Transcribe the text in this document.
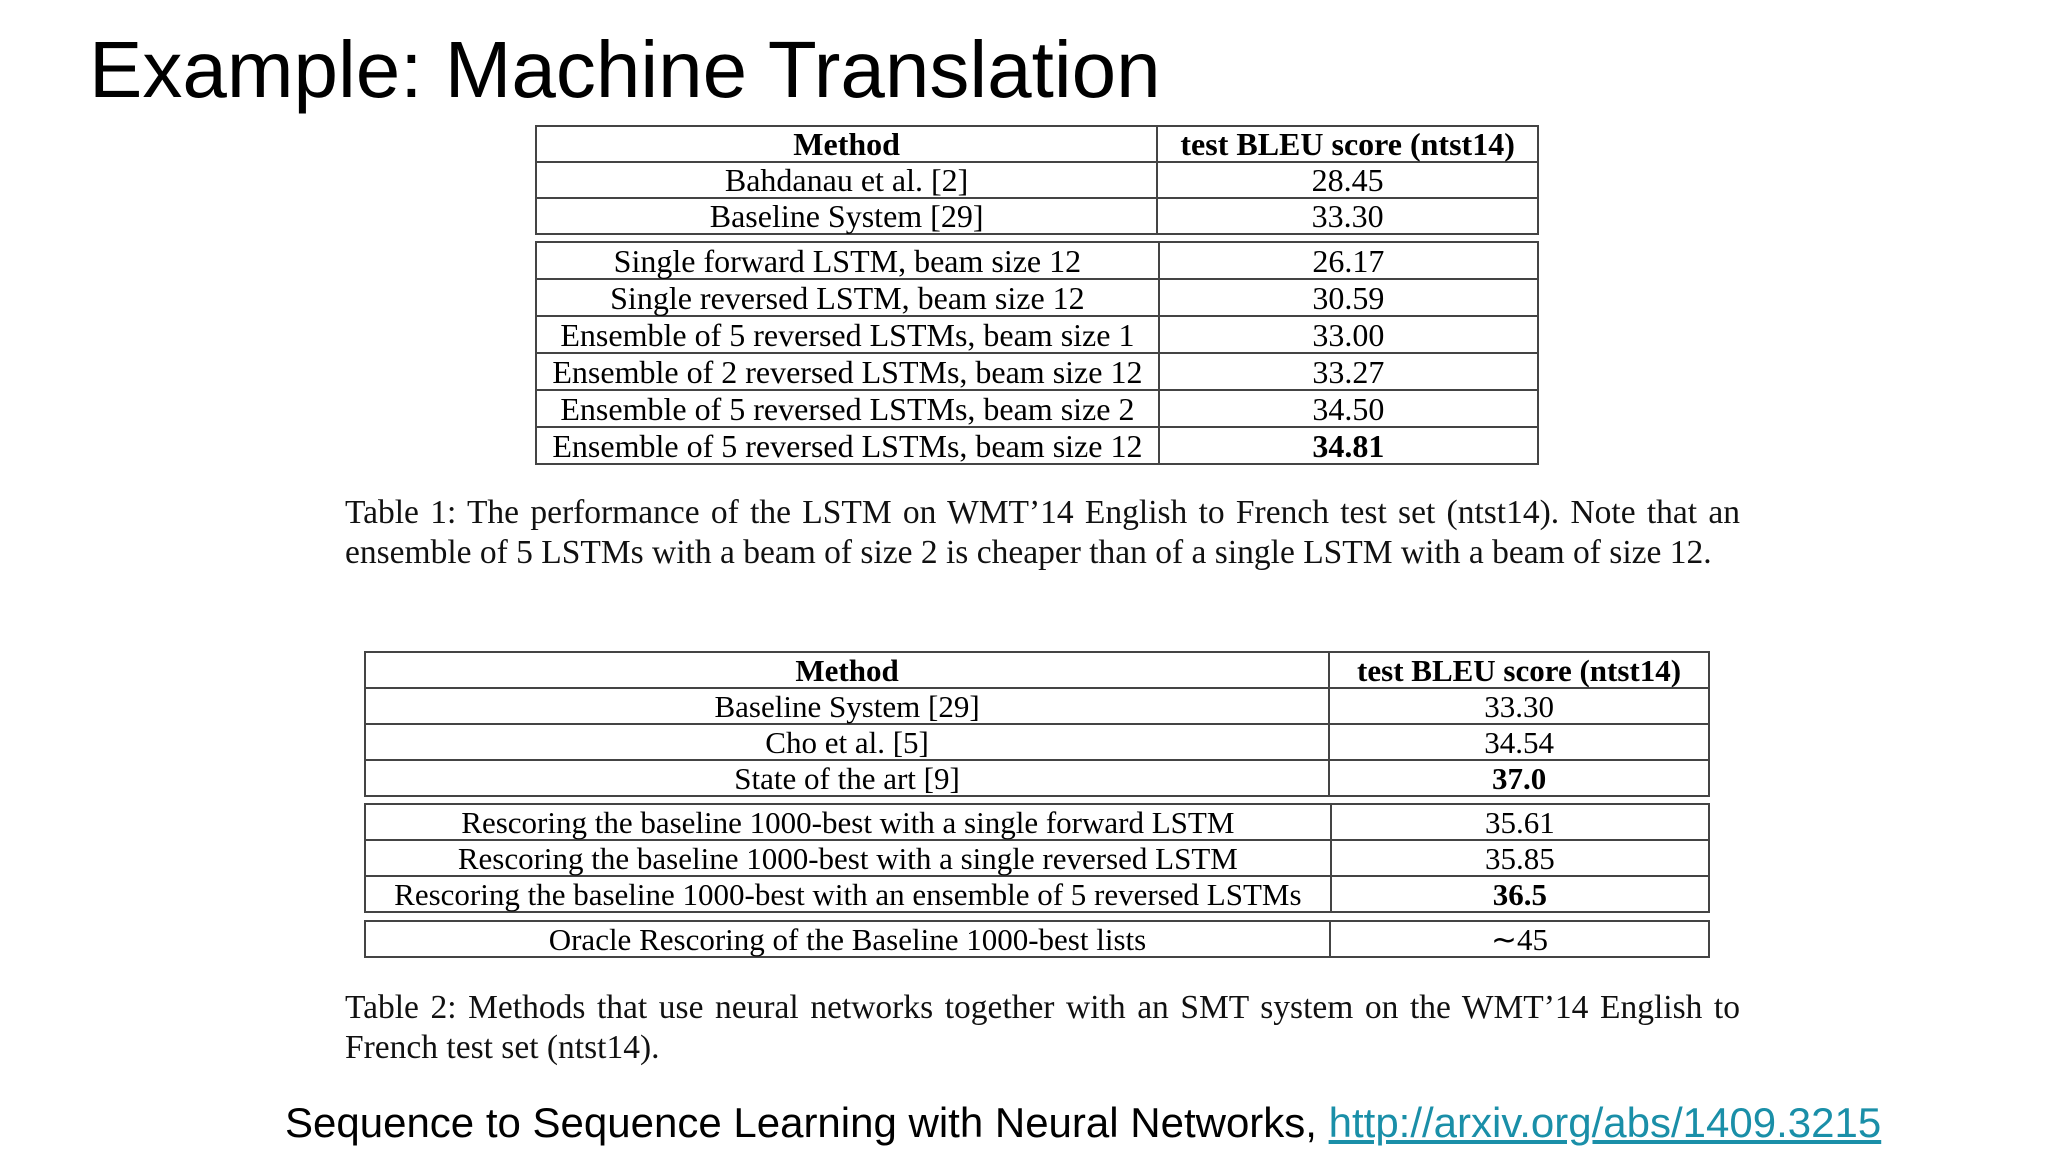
Example: Machine Translation
Method	test BLEU score (ntst14)
Bahdanau et al. [2]	28.45
Baseline System [29]	33.30
Single forward LSTM, beam size 12	26.17
Single reversed LSTM, beam size 12	30.59
Ensemble of 5 reversed LSTMs, beam size 1	33.00
Ensemble of 2 reversed LSTMs, beam size 12	33.27
Ensemble of 5 reversed LSTMs, beam size 2	34.50
Ensemble of 5 reversed LSTMs, beam size 12	34.81
Table 1: The performance of the LSTM on WMT’14 English to French test set (ntst14). Note that an ensemble of 5 LSTMs with a beam of size 2 is cheaper than of a single LSTM with a beam of size 12.
Method	test BLEU score (ntst14)
Baseline System [29]	33.30
Cho et al. [5]	34.54
State of the art [9]	37.0
Rescoring the baseline 1000-best with a single forward LSTM	35.61
Rescoring the baseline 1000-best with a single reversed LSTM	35.85
Rescoring the baseline 1000-best with an ensemble of 5 reversed LSTMs	36.5
Oracle Rescoring of the Baseline 1000-best lists	∼45
Table 2: Methods that use neural networks together with an SMT system on the WMT’14 English to French test set (ntst14).
Sequence to Sequence Learning with Neural Networks, http://arxiv.org/abs/1409.3215
